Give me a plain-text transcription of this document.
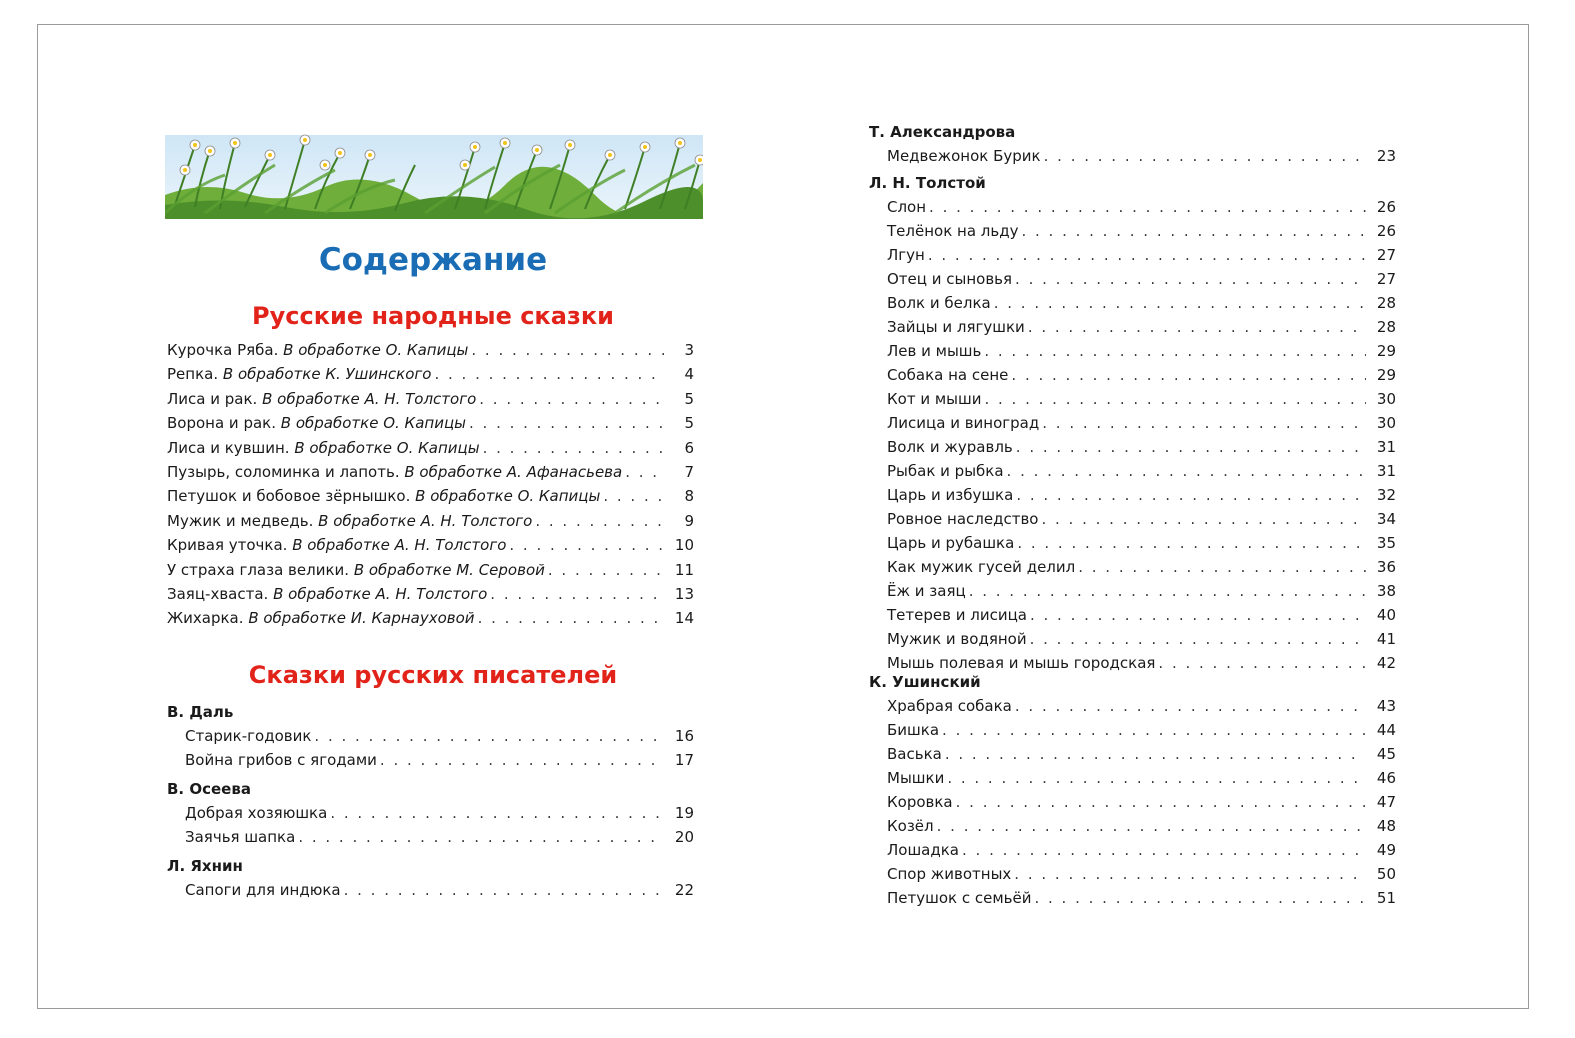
Содержание
Русские народные сказки
Курочка Ряба. В обработке О. Капицы . . .	3
Репка. В обработке К. Ушинского . . .	4
Лиса и рак. В обработке А. Н. Толстого . . .	5
Ворона и рак. В обработке О. Капицы . . .	5
Лиса и кувшин. В обработке О. Капицы . . .	6
Пузырь, соломинка и лапоть. В обработке А. Афанасьева . . .	7
Петушок и бобовое зёрнышко. В обработке О. Капицы . . .	8
Мужик и медведь. В обработке А. Н. Толстого . . .	9
Кривая уточка. В обработке А. Н. Толстого . . .	10
У страха глаза велики. В обработке М. Серовой . . .	11
Заяц-хваста. В обработке А. Н. Толстого . . .	13
Жихарка. В обработке И. Карнауховой . . .	14
Сказки русских писателей

В. Даль

Старик-годовик . . .	16
Война грибов с ягодами . . .	17

В. Осеева

Добрая хозяюшка . . .	19
Заячья шапка . . .	20

Л. Яхнин

Сапоги для индюка . . .	22

Т. Александрова

Медвежонок Бурик . . .	23

Л. Н. Толстой

Слон . . .	26
Телёнок на льду . . .	26
Лгун . . .	27
Отец и сыновья . . .	27
Волк и белка . . .	28
Зайцы и лягушки . . .	28
Лев и мышь . . .	29
Собака на сене . . .	29
Кот и мыши . . .	30
Лисица и виноград . . .	30
Волк и журавль . . .	31
Рыбак и рыбка . . .	31
Царь и избушка . . .	32
Ровное наследство . . .	34
Царь и рубашка . . .	35
Как мужик гусей делил . . .	36
Ёж и заяц . . .	38
Тетерев и лисица . . .	40
Мужик и водяной . . .	41
Мышь полевая и мышь городская . . .	42

К. Ушинский

Храбрая собака . . .	43
Бишка . . .	44
Васька . . .	45
Мышки . . .	46
Коровка . . .	47
Козёл . . .	48
Лошадка . . .	49
Спор животных . . .	50
Петушок с семьёй . . .	51
